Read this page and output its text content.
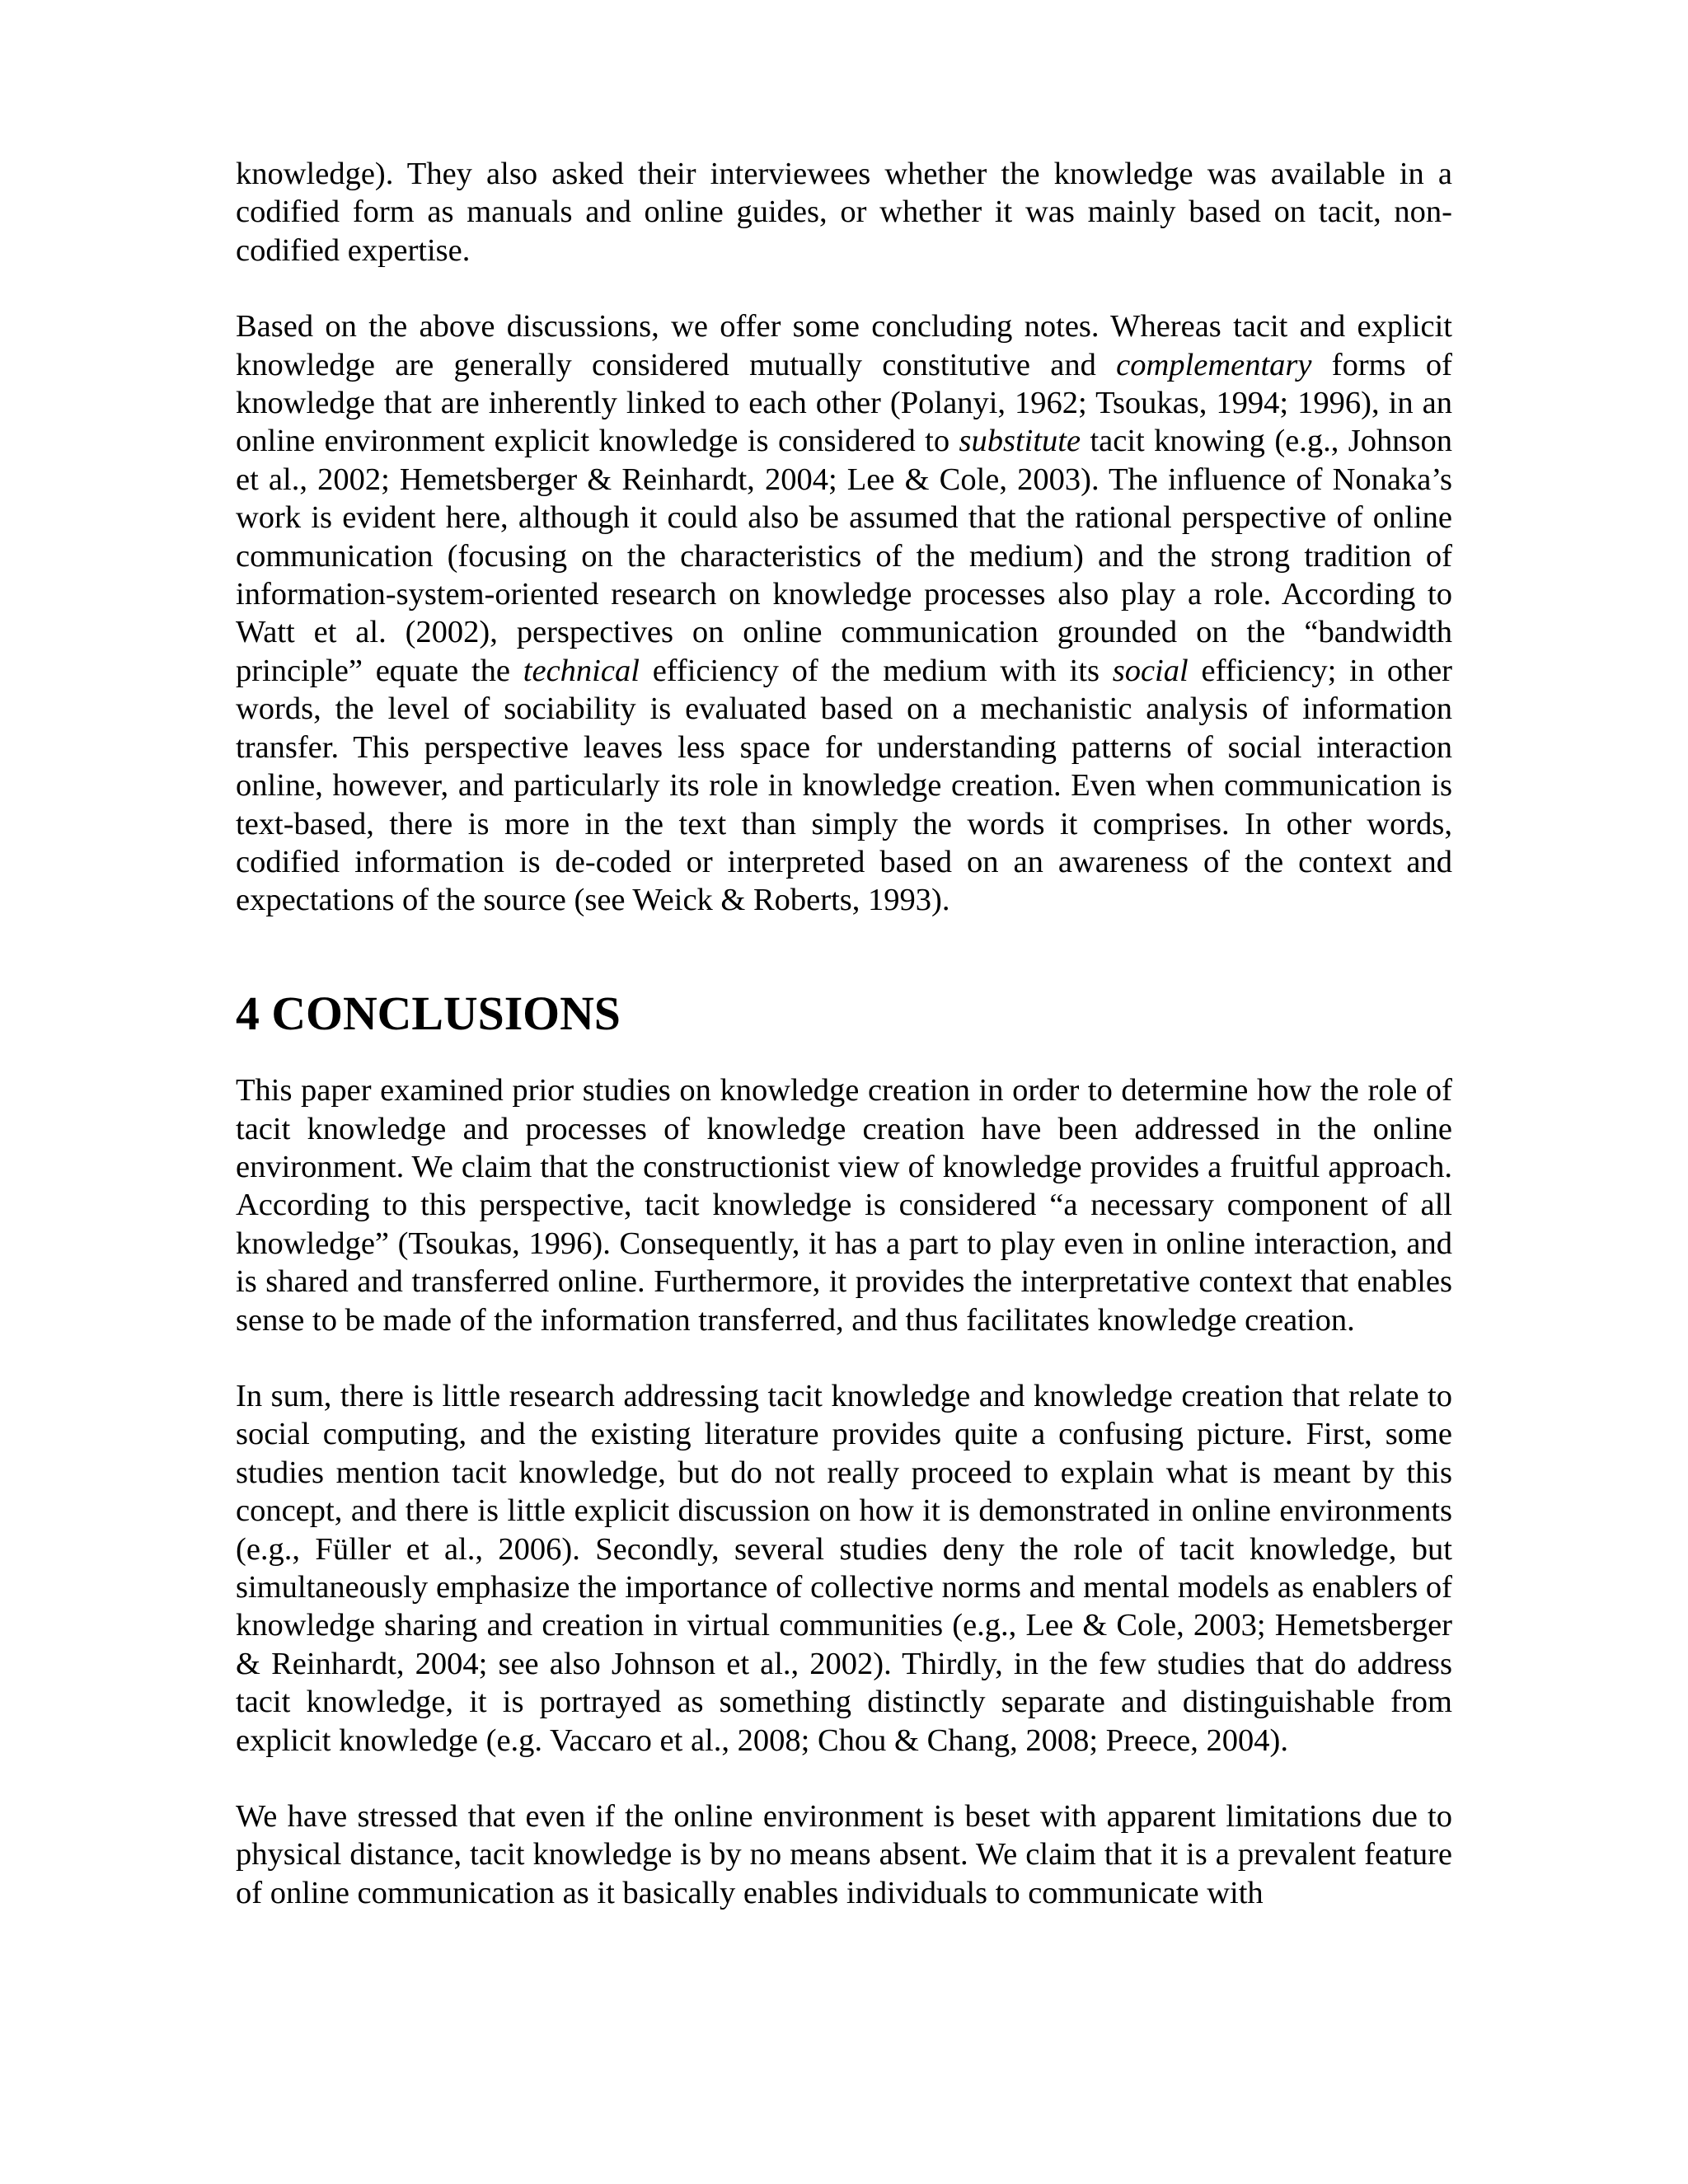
knowledge). They also asked their interviewees whether the knowledge was available in a codified form as manuals and online guides, or whether it was mainly based on tacit, non-codified expertise.

Based on the above discussions, we offer some concluding notes. Whereas tacit and explicit knowledge are generally considered mutually constitutive and complementary forms of knowledge that are inherently linked to each other (Polanyi, 1962; Tsoukas, 1994; 1996), in an online environment explicit knowledge is considered to substitute tacit knowing (e.g., Johnson et al., 2002; Hemetsberger & Reinhardt, 2004; Lee & Cole, 2003). The influence of Nonaka’s work is evident here, although it could also be assumed that the rational perspective of online communication (focusing on the characteristics of the medium) and the strong tradition of information-system-oriented research on knowledge processes also play a role. According to Watt et al. (2002), perspectives on online communication grounded on the “bandwidth principle” equate the technical efficiency of the medium with its social efficiency; in other words, the level of sociability is evaluated based on a mechanistic analysis of information transfer. This perspective leaves less space for understanding patterns of social interaction online, however, and particularly its role in knowledge creation. Even when communication is text-based, there is more in the text than simply the words it comprises. In other words, codified information is de-coded or interpreted based on an awareness of the context and expectations of the source (see Weick & Roberts, 1993).

4 CONCLUSIONS

This paper examined prior studies on knowledge creation in order to determine how the role of tacit knowledge and processes of knowledge creation have been addressed in the online environment. We claim that the constructionist view of knowledge provides a fruitful approach. According to this perspective, tacit knowledge is considered “a necessary component of all knowledge” (Tsoukas, 1996). Consequently, it has a part to play even in online interaction, and is shared and transferred online. Furthermore, it provides the interpretative context that enables sense to be made of the information transferred, and thus facilitates knowledge creation.

In sum, there is little research addressing tacit knowledge and knowledge creation that relate to social computing, and the existing literature provides quite a confusing picture. First, some studies mention tacit knowledge, but do not really proceed to explain what is meant by this concept, and there is little explicit discussion on how it is demonstrated in online environments (e.g., Füller et al., 2006). Secondly, several studies deny the role of tacit knowledge, but simultaneously emphasize the importance of collective norms and mental models as enablers of knowledge sharing and creation in virtual communities (e.g., Lee & Cole, 2003; Hemetsberger & Reinhardt, 2004; see also Johnson et al., 2002). Thirdly, in the few studies that do address tacit knowledge, it is portrayed as something distinctly separate and distinguishable from explicit knowledge (e.g. Vaccaro et al., 2008; Chou & Chang, 2008; Preece, 2004).

We have stressed that even if the online environment is beset with apparent limitations due to physical distance, tacit knowledge is by no means absent. We claim that it is a prevalent feature of online communication as it basically enables individuals to communicate with
